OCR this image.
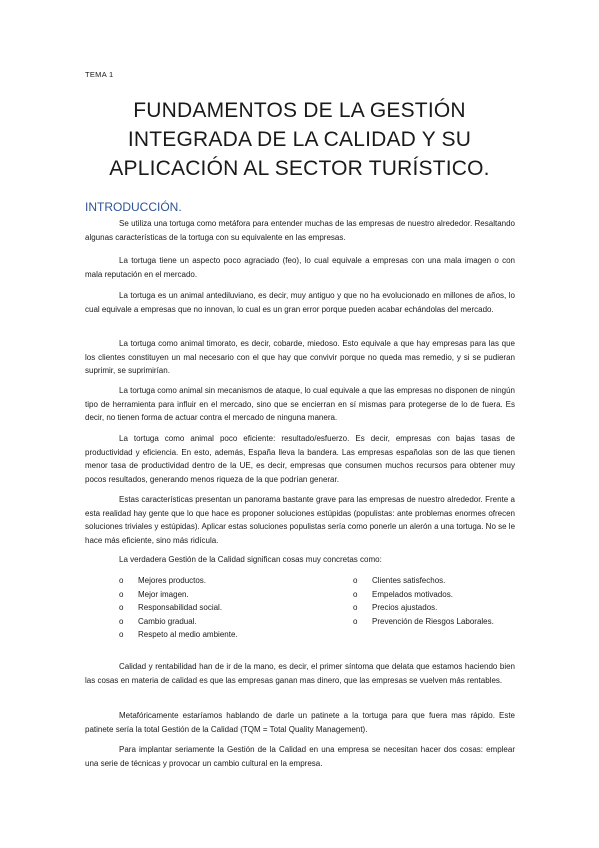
TEMA 1
FUNDAMENTOS DE LA GESTIÓN
INTEGRADA DE LA CALIDAD Y SU
APLICACIÓN AL SECTOR TURÍSTICO.
INTRODUCCIÓN.
Se utiliza una tortuga como metáfora para entender muchas de las empresas de nuestro alrededor. Resaltando algunas características de la tortuga con su equivalente en las empresas.
La tortuga tiene un aspecto poco agraciado (feo), lo cual equivale a empresas con una mala imagen o con mala reputación en el mercado.
La tortuga es un animal antediluviano, es decir, muy antiguo y que no ha evolucionado en millones de años, lo cual equivale a empresas que no innovan, lo cual es un gran error porque pueden acabar echándolas del mercado.
La tortuga como animal timorato, es decir, cobarde, miedoso. Esto equivale a que hay empresas para las que los clientes constituyen un mal necesario con el que hay que convivir porque no queda mas remedio, y si se pudieran suprimir, se suprimirían.
La tortuga como animal sin mecanismos de ataque, lo cual equivale a que las empresas no disponen de ningún tipo de herramienta para influir en el mercado, sino que se encierran en sí mismas para protegerse de lo de fuera. Es decir, no tienen forma de actuar contra el mercado de ninguna manera.
La tortuga como animal poco eficiente: resultado/esfuerzo. Es decir, empresas con bajas tasas de productividad y eficiencia. En esto, además, España lleva la bandera. Las empresas españolas son de las que tienen menor tasa de productividad dentro de la UE, es decir, empresas que consumen muchos recursos para obtener muy pocos resultados, generando menos riqueza de la que podrían generar.
Estas características presentan un panorama bastante grave para las empresas de nuestro alrededor. Frente a esta realidad hay gente que lo que hace es proponer soluciones estúpidas (populistas: ante problemas enormes ofrecen soluciones triviales y estúpidas). Aplicar estas soluciones populistas sería como ponerle un alerón a una tortuga. No se le hace más eficiente, sino más ridícula.
La verdadera Gestión de la Calidad significan cosas muy concretas como:
o Mejores productos.
o Mejor imagen.
o Responsabilidad social.
o Cambio gradual.
o Respeto al medio ambiente.
o Clientes satisfechos.
o Empelados motivados.
o Precios ajustados.
o Prevención de Riesgos Laborales.
Calidad y rentabilidad han de ir de la mano, es decir, el primer síntoma que delata que estamos haciendo bien las cosas en materia de calidad es que las empresas ganan mas dinero, que las empresas se vuelven más rentables.
Metafóricamente estaríamos hablando de darle un patinete a la tortuga para que fuera mas rápido. Este patinete sería la total Gestión de la Calidad (TQM = Total Quality Management).
Para implantar seriamente la Gestión de la Calidad en una empresa se necesitan hacer dos cosas: emplear una serie de técnicas y provocar un cambio cultural en la empresa.
